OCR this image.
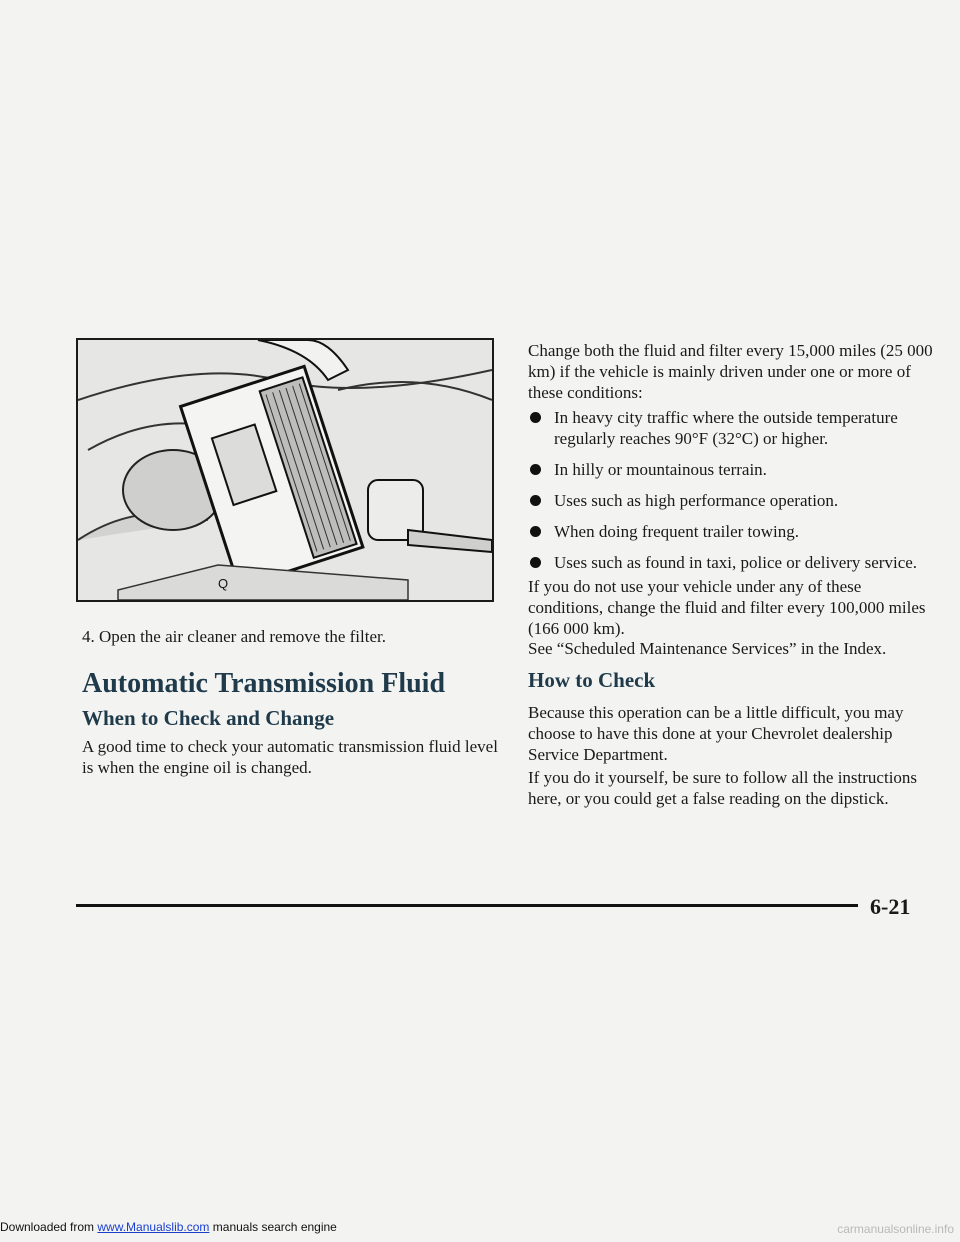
Q
4. Open the air cleaner and remove the filter.
Automatic Transmission Fluid
When to Check and Change
A good time to check your automatic transmission fluid level is when the engine oil is changed.
Change both the fluid and filter every 15,000 miles (25 000 km) if the vehicle is mainly driven under one or more of these conditions:
In heavy city traffic where the outside temperature regularly reaches 90°F (32°C) or higher.
In hilly or mountainous terrain.
Uses such as high performance operation.
When doing frequent trailer towing.
Uses such as found in taxi, police or delivery service.
If you do not use your vehicle under any of these conditions, change the fluid and filter every 100,000 miles (166 000 km).
See “Scheduled Maintenance Services” in the Index.
How to Check
Because this operation can be a little difficult, you may choose to have this done at your Chevrolet dealership Service Department.
If you do it yourself, be sure to follow all the instructions here, or you could get a false reading on the dipstick.
6-21
Downloaded from www.Manualslib.com manuals search engine	carmanualsonline.info
